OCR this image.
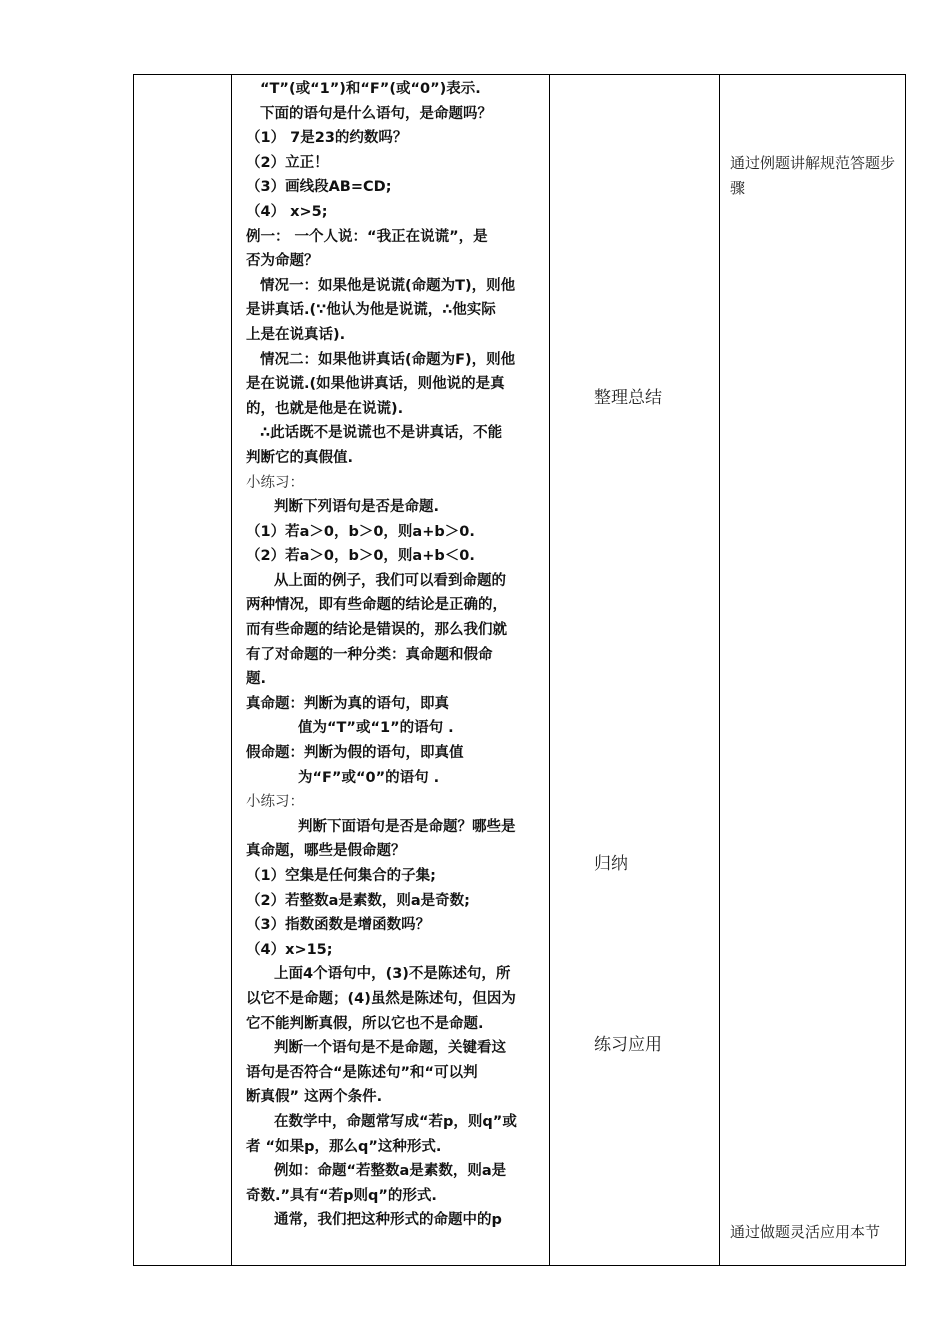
“T”(或“1”)和“F”(或“0”)表示.
下面的语句是什么语句，是命题吗？
（1） 7是23的约数吗？
（2）立正！
（3）画线段AB=CD;
（4） x>5;
例一： 一个人说：“我正在说谎”，是
否为命题？
情况一：如果他是说谎(命题为T)，则他
是讲真话.(∵他认为他是说谎，∴他实际
上是在说真话).
情况二：如果他讲真话(命题为F)，则他
是在说谎.(如果他讲真话，则他说的是真
的，也就是他是在说谎).
∴此话既不是说谎也不是讲真话，不能
判断它的真假值.
小练习：
判断下列语句是否是命题.
（1）若a＞0，b＞0，则a+b＞0.
（2）若a＞0，b＞0，则a+b＜0.
从上面的例子，我们可以看到命题的
两种情况，即有些命题的结论是正确的，
而有些命题的结论是错误的，那么我们就
有了对命题的一种分类：真命题和假命
题.
真命题：判断为真的语句，即真
值为“T”或“1”的语句 .
假命题：判断为假的语句，即真值
为“F”或“0”的语句 .
小练习：
判断下面语句是否是命题？哪些是
真命题，哪些是假命题？
（1）空集是任何集合的子集;
（2）若整数a是素数，则a是奇数;
（3）指数函数是增函数吗？
（4）x>15;
上面4个语句中，(3)不是陈述句，所
以它不是命题；(4)虽然是陈述句，但因为
它不能判断真假，所以它也不是命题.
判断一个语句是不是命题，关键看这
语句是否符合“是陈述句”和“可以判
断真假” 这两个条件.
在数学中，命题常写成“若p，则q”或
者 “如果p，那么q”这种形式.
例如：命题“若整数a是素数，则a是
奇数.”具有“若p则q”的形式.
通常，我们把这种形式的命题中的p
整理总结
归纳
练习应用
通过例题讲解规范答题步骤
通过做题灵活应用本节
